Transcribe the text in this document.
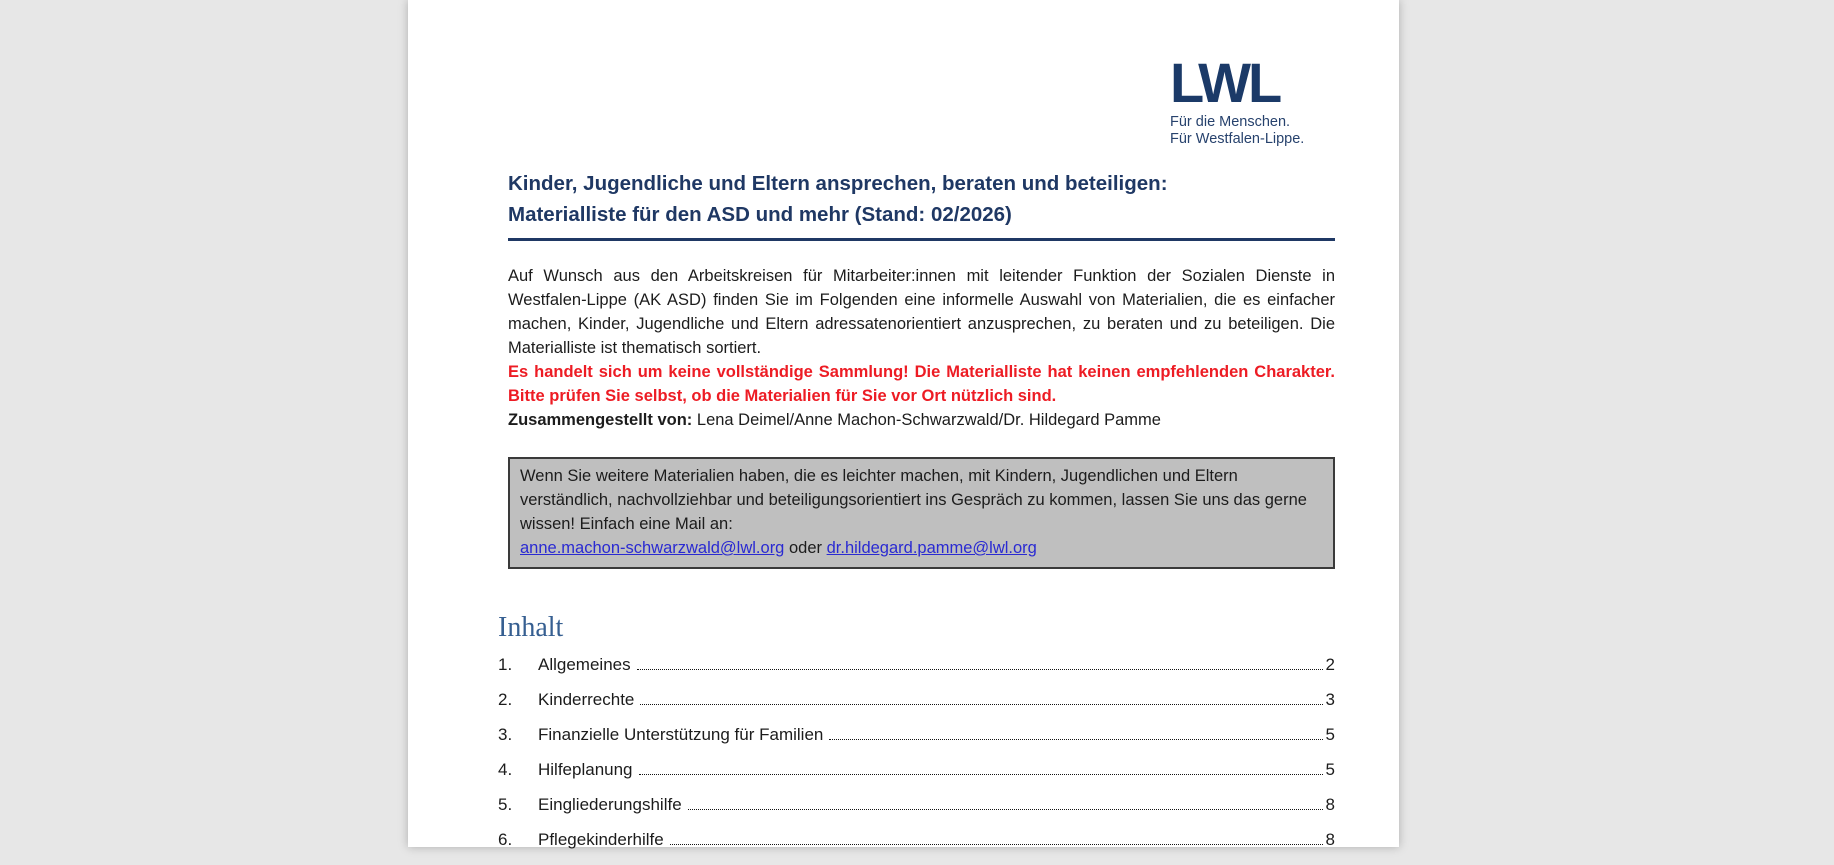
LWL
Für die Menschen.
Für Westfalen-Lippe.
Kinder, Jugendliche und Eltern ansprechen, beraten und beteiligen:
Materialliste für den ASD und mehr (Stand: 02/2026)

Auf Wunsch aus den Arbeitskreisen für Mitarbeiter:innen mit leitender Funktion der Sozialen Dienste in Westfalen-Lippe (AK ASD) finden Sie im Folgenden eine informelle Auswahl von Materialien, die es einfacher machen, Kinder, Jugendliche und Eltern adressatenorientiert anzusprechen, zu beraten und zu beteiligen. Die Materialliste ist thematisch sortiert.

Es handelt sich um keine vollständige Sammlung! Die Materialliste hat keinen empfehlenden Charakter. Bitte prüfen Sie selbst, ob die Materialien für Sie vor Ort nützlich sind.

Zusammengestellt von: Lena Deimel/Anne Machon-Schwarzwald/Dr. Hildegard Pamme

Wenn Sie weitere Materialien haben, die es leichter machen, mit Kindern, Jugendlichen und Eltern verständlich, nachvollziehbar und beteiligungsorientiert ins Gespräch zu kommen, lassen Sie uns das gerne wissen! Einfach eine Mail an:
anne.machon-schwarzwald@lwl.org oder dr.hildegard.pamme@lwl.org
Inhalt
1.	Allgemeines	2
2.	Kinderrechte	3
3.	Finanzielle Unterstützung für Familien	5
4.	Hilfeplanung	5
5.	Eingliederungshilfe	8
6.	Pflegekinderhilfe	8
